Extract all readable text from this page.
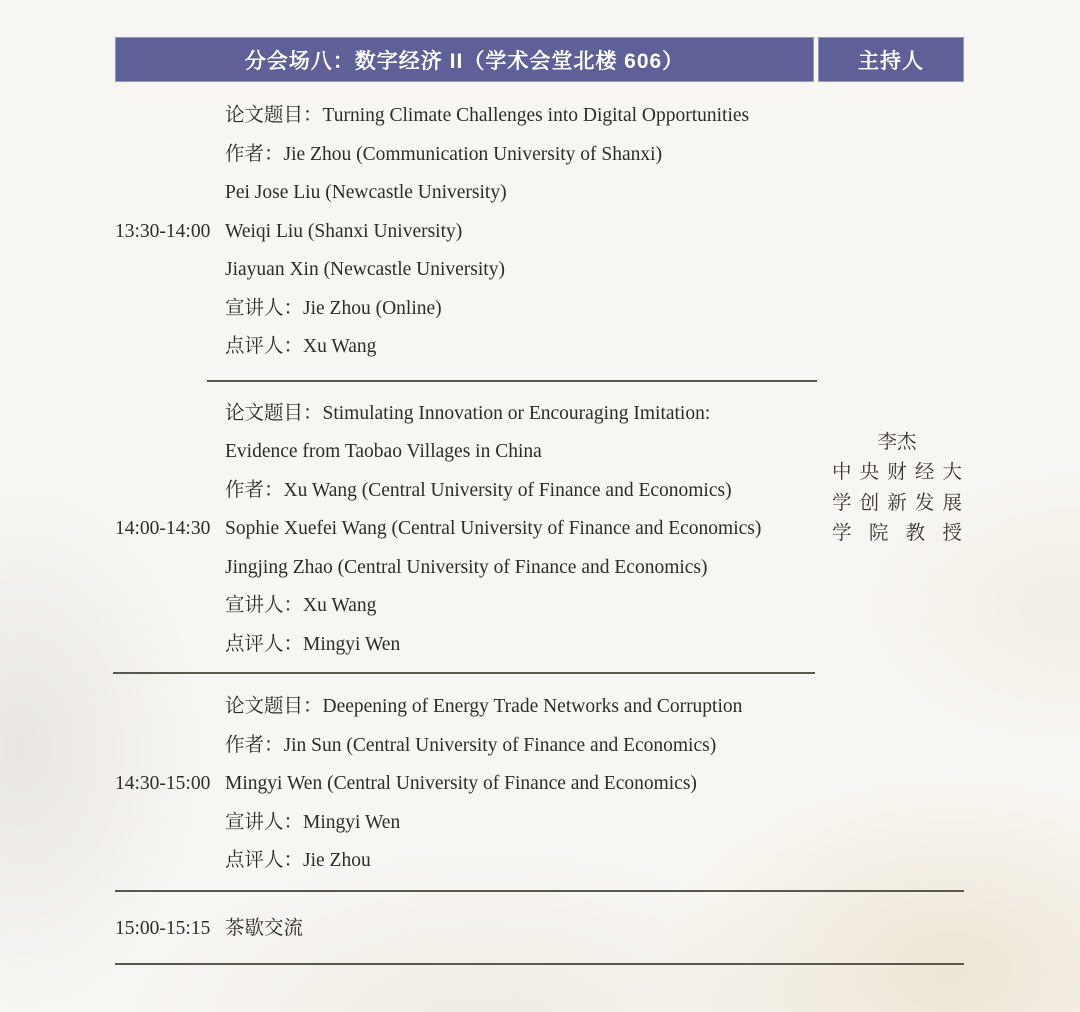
分会场八：数字经济 II（学术会堂北楼 606）	主持人
13:30-14:00
论文题目：Turning Climate Challenges into Digital Opportunities
作者：Jie Zhou (Communication University of Shanxi)
Pei Jose Liu (Newcastle University)
Weiqi Liu (Shanxi University)
Jiayuan Xin (Newcastle University)
宣讲人：Jie Zhou (Online)
点评人：Xu Wang
14:00-14:30
论文题目：Stimulating Innovation or Encouraging Imitation:
Evidence from Taobao Villages in China
作者：Xu Wang (Central University of Finance and Economics)
Sophie Xuefei Wang (Central University of Finance and Economics)
Jingjing Zhao (Central University of Finance and Economics)
宣讲人：Xu Wang
点评人：Mingyi Wen
14:30-15:00
论文题目：Deepening of Energy Trade Networks and Corruption
作者：Jin Sun (Central University of Finance and Economics)
Mingyi Wen (Central University of Finance and Economics)
宣讲人：Mingyi Wen
点评人：Jie Zhou
15:00-15:15 茶歇交流
李杰
中央财经大
学创新发展
学院教授
